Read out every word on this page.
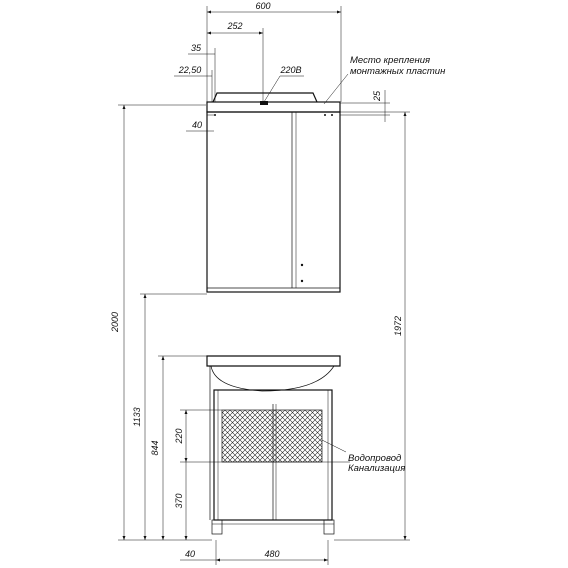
600
252
35
22,50	220В
40
25
2000	1972
1133
844
220
370
40	480
Место крепления
монтажных пластин
Водопровод
Канализация
